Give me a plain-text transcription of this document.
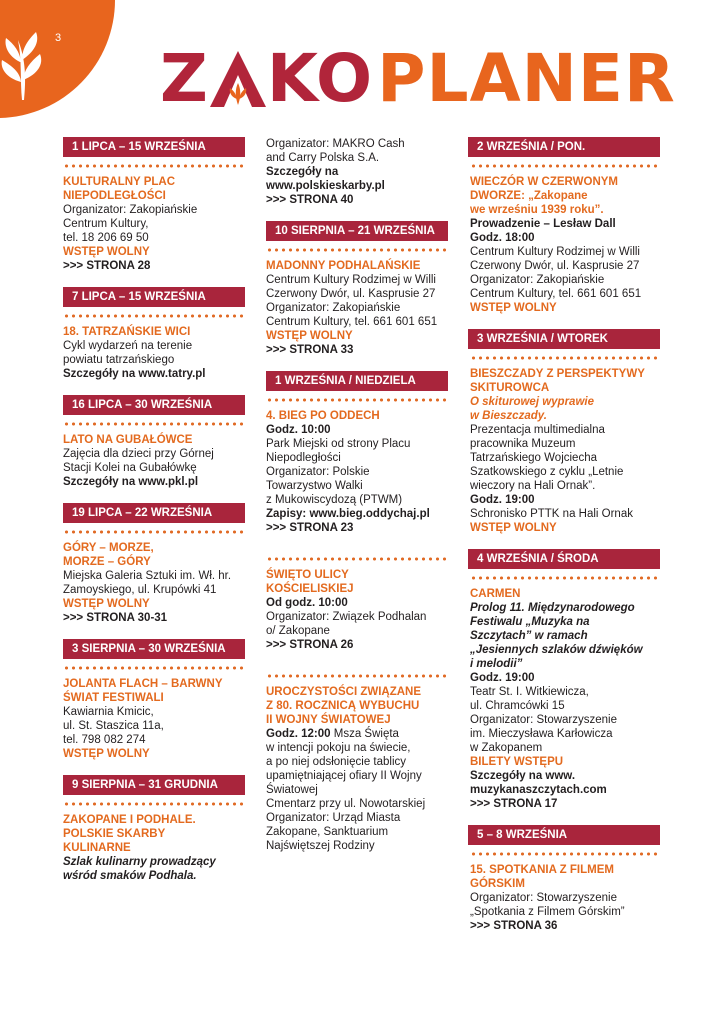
3
Z KO PLANER
1 LIPCA – 15 WRZEŚNIA
KULTURALNY PLAC
NIEPODLEGŁOŚCI
Organizator: Zakopiańskie
Centrum Kultury,
tel. 18 206 69 50
WSTĘP WOLNY
>>> STRONA 28
7 LIPCA – 15 WRZEŚNIA
18. TATRZAŃSKIE WICI
Cykl wydarzeń na terenie
powiatu tatrzańskiego
Szczegóły na www.tatry.pl
16 LIPCA – 30 WRZEŚNIA
LATO NA GUBAŁÓWCE
Zajęcia dla dzieci przy Górnej
Stacji Kolei na Gubałówkę
Szczegóły na www.pkl.pl
19 LIPCA – 22 WRZEŚNIA
GÓRY – MORZE,
MORZE – GÓRY
Miejska Galeria Sztuki im. Wł. hr.
Zamoyskiego, ul. Krupówki 41
WSTĘP WOLNY
>>> STRONA 30-31
3 SIERPNIA – 30 WRZEŚNIA
JOLANTA FLACH – BARWNY
ŚWIAT FESTIWALI
Kawiarnia Kmicic,
ul. St. Staszica 11a,
tel. 798 082 274
WSTĘP WOLNY
9 SIERPNIA – 31 GRUDNIA
ZAKOPANE I PODHALE.
POLSKIE SKARBY
KULINARNE
Szlak kulinarny prowadzący
wśród smaków Podhala.
Organizator: MAKRO Cash
and Carry Polska S.A.
Szczegóły na
www.polskieskarby.pl
>>> STRONA 40
10 SIERPNIA – 21 WRZEŚNIA
MADONNY PODHALAŃSKIE
Centrum Kultury Rodzimej w Willi
Czerwony Dwór, ul. Kasprusie 27
Organizator: Zakopiańskie
Centrum Kultury, tel. 661 601 651
WSTĘP WOLNY
>>> STRONA 33
1 WRZEŚNIA / NIEDZIELA
4. BIEG PO ODDECH
Godz. 10:00
Park Miejski od strony Placu
Niepodległości
Organizator: Polskie
Towarzystwo Walki
z Mukowiscydozą (PTWM)
Zapisy: www.bieg.oddychaj.pl
>>> STRONA 23
ŚWIĘTO ULICY
KOŚCIELISKIEJ
Od godz. 10:00
Organizator: Związek Podhalan
o/ Zakopane
>>> STRONA 26
UROCZYSTOŚCI ZWIĄZANE
Z 80. ROCZNICĄ WYBUCHU
II WOJNY ŚWIATOWEJ
Godz. 12:00 Msza Święta
w intencji pokoju na świecie,
a po niej odsłonięcie tablicy
upamiętniającej ofiary II Wojny
Światowej
Cmentarz przy ul. Nowotarskiej
Organizator: Urząd Miasta
Zakopane, Sanktuarium
Najświętszej Rodziny
2 WRZEŚNIA / PON.
WIECZÓR W CZERWONYM
DWORZE: „Zakopane
we wrześniu 1939 roku”.
Prowadzenie – Lesław Dall
Godz. 18:00
Centrum Kultury Rodzimej w Willi
Czerwony Dwór, ul. Kasprusie 27
Organizator: Zakopiańskie
Centrum Kultury, tel. 661 601 651
WSTĘP WOLNY
3 WRZEŚNIA / WTOREK
BIESZCZADY Z PERSPEKTYWY
SKITUROWCA
O skiturowej wyprawie
w Bieszczady.
Prezentacja multimedialna
pracownika Muzeum
Tatrzańskiego Wojciecha
Szatkowskiego z cyklu „Letnie
wieczory na Hali Ornak”.
Godz. 19:00
Schronisko PTTK na Hali Ornak
WSTĘP WOLNY
4 WRZEŚNIA / ŚRODA
CARMEN
Prolog 11. Międzynarodowego
Festiwalu „Muzyka na
Szczytach” w ramach
„Jesiennych szlaków dźwięków
i melodii”
Godz. 19:00
Teatr St. I. Witkiewicza,
ul. Chramcówki 15
Organizator: Stowarzyszenie
im. Mieczysława Karłowicza
w Zakopanem
BILETY WSTĘPU
Szczegóły na www.
muzykanaszczytach.com
>>> STRONA 17
5 – 8 WRZEŚNIA
15. SPOTKANIA Z FILMEM
GÓRSKIM
Organizator: Stowarzyszenie
„Spotkania z Filmem Górskim”
>>> STRONA 36
